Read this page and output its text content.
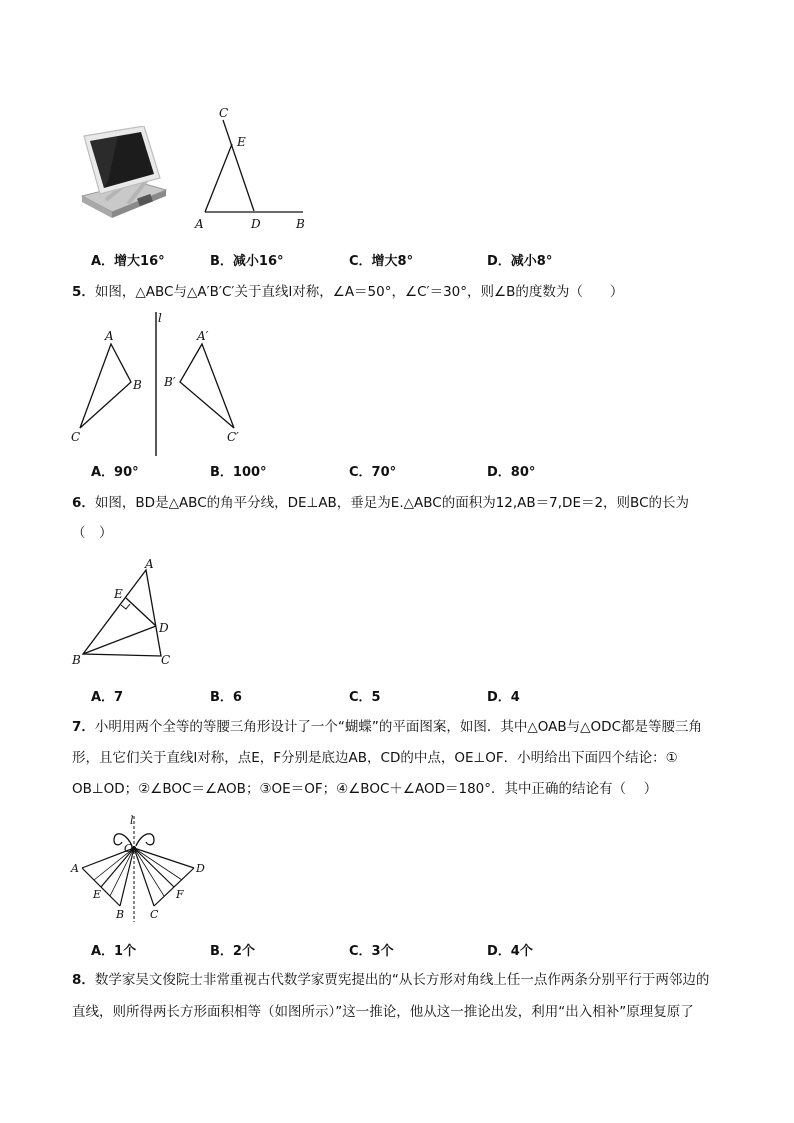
C
E
A	D	B
A．增大16°	B．减小16°	C．增大8°	D．减小8°
5．如图，△ABC与△A′B′C′关于直线l对称，∠A＝50°，∠C′＝30°，则∠B的度数为（　　）
l
A
B
C
A′
B′
C′
A．90°	B．100°	C．70°	D．80°
6．如图，BD是△ABC的角平分线，DE⊥AB，垂足为E.△ABC的面积为12,AB＝7,DE＝2，则BC的长为
（　）
A
E
D
B	C
A．7	B．6	C．5	D．4
7．小明用两个全等的等腰三角形设计了一个“蝴蝶”的平面图案，如图．其中△OAB与△ODC都是等腰三角
形，且它们关于直线l对称，点E，F分别是底边AB，CD的中点，OE⊥OF．小明给出下面四个结论：①
OB⊥OD；②∠BOC＝∠AOB；③OE＝OF；④∠BOC＋∠AOD＝180°．其中正确的结论有（　 ）
l
O
A	D
E	F
B C
A．1个	B．2个	C．3个	D．4个
8．数学家吴文俊院士非常重视古代数学家贾宪提出的“从长方形对角线上任一点作两条分别平行于两邻边的
直线，则所得两长方形面积相等（如图所示）”这一推论，他从这一推论出发，利用“出入相补”原理复原了
